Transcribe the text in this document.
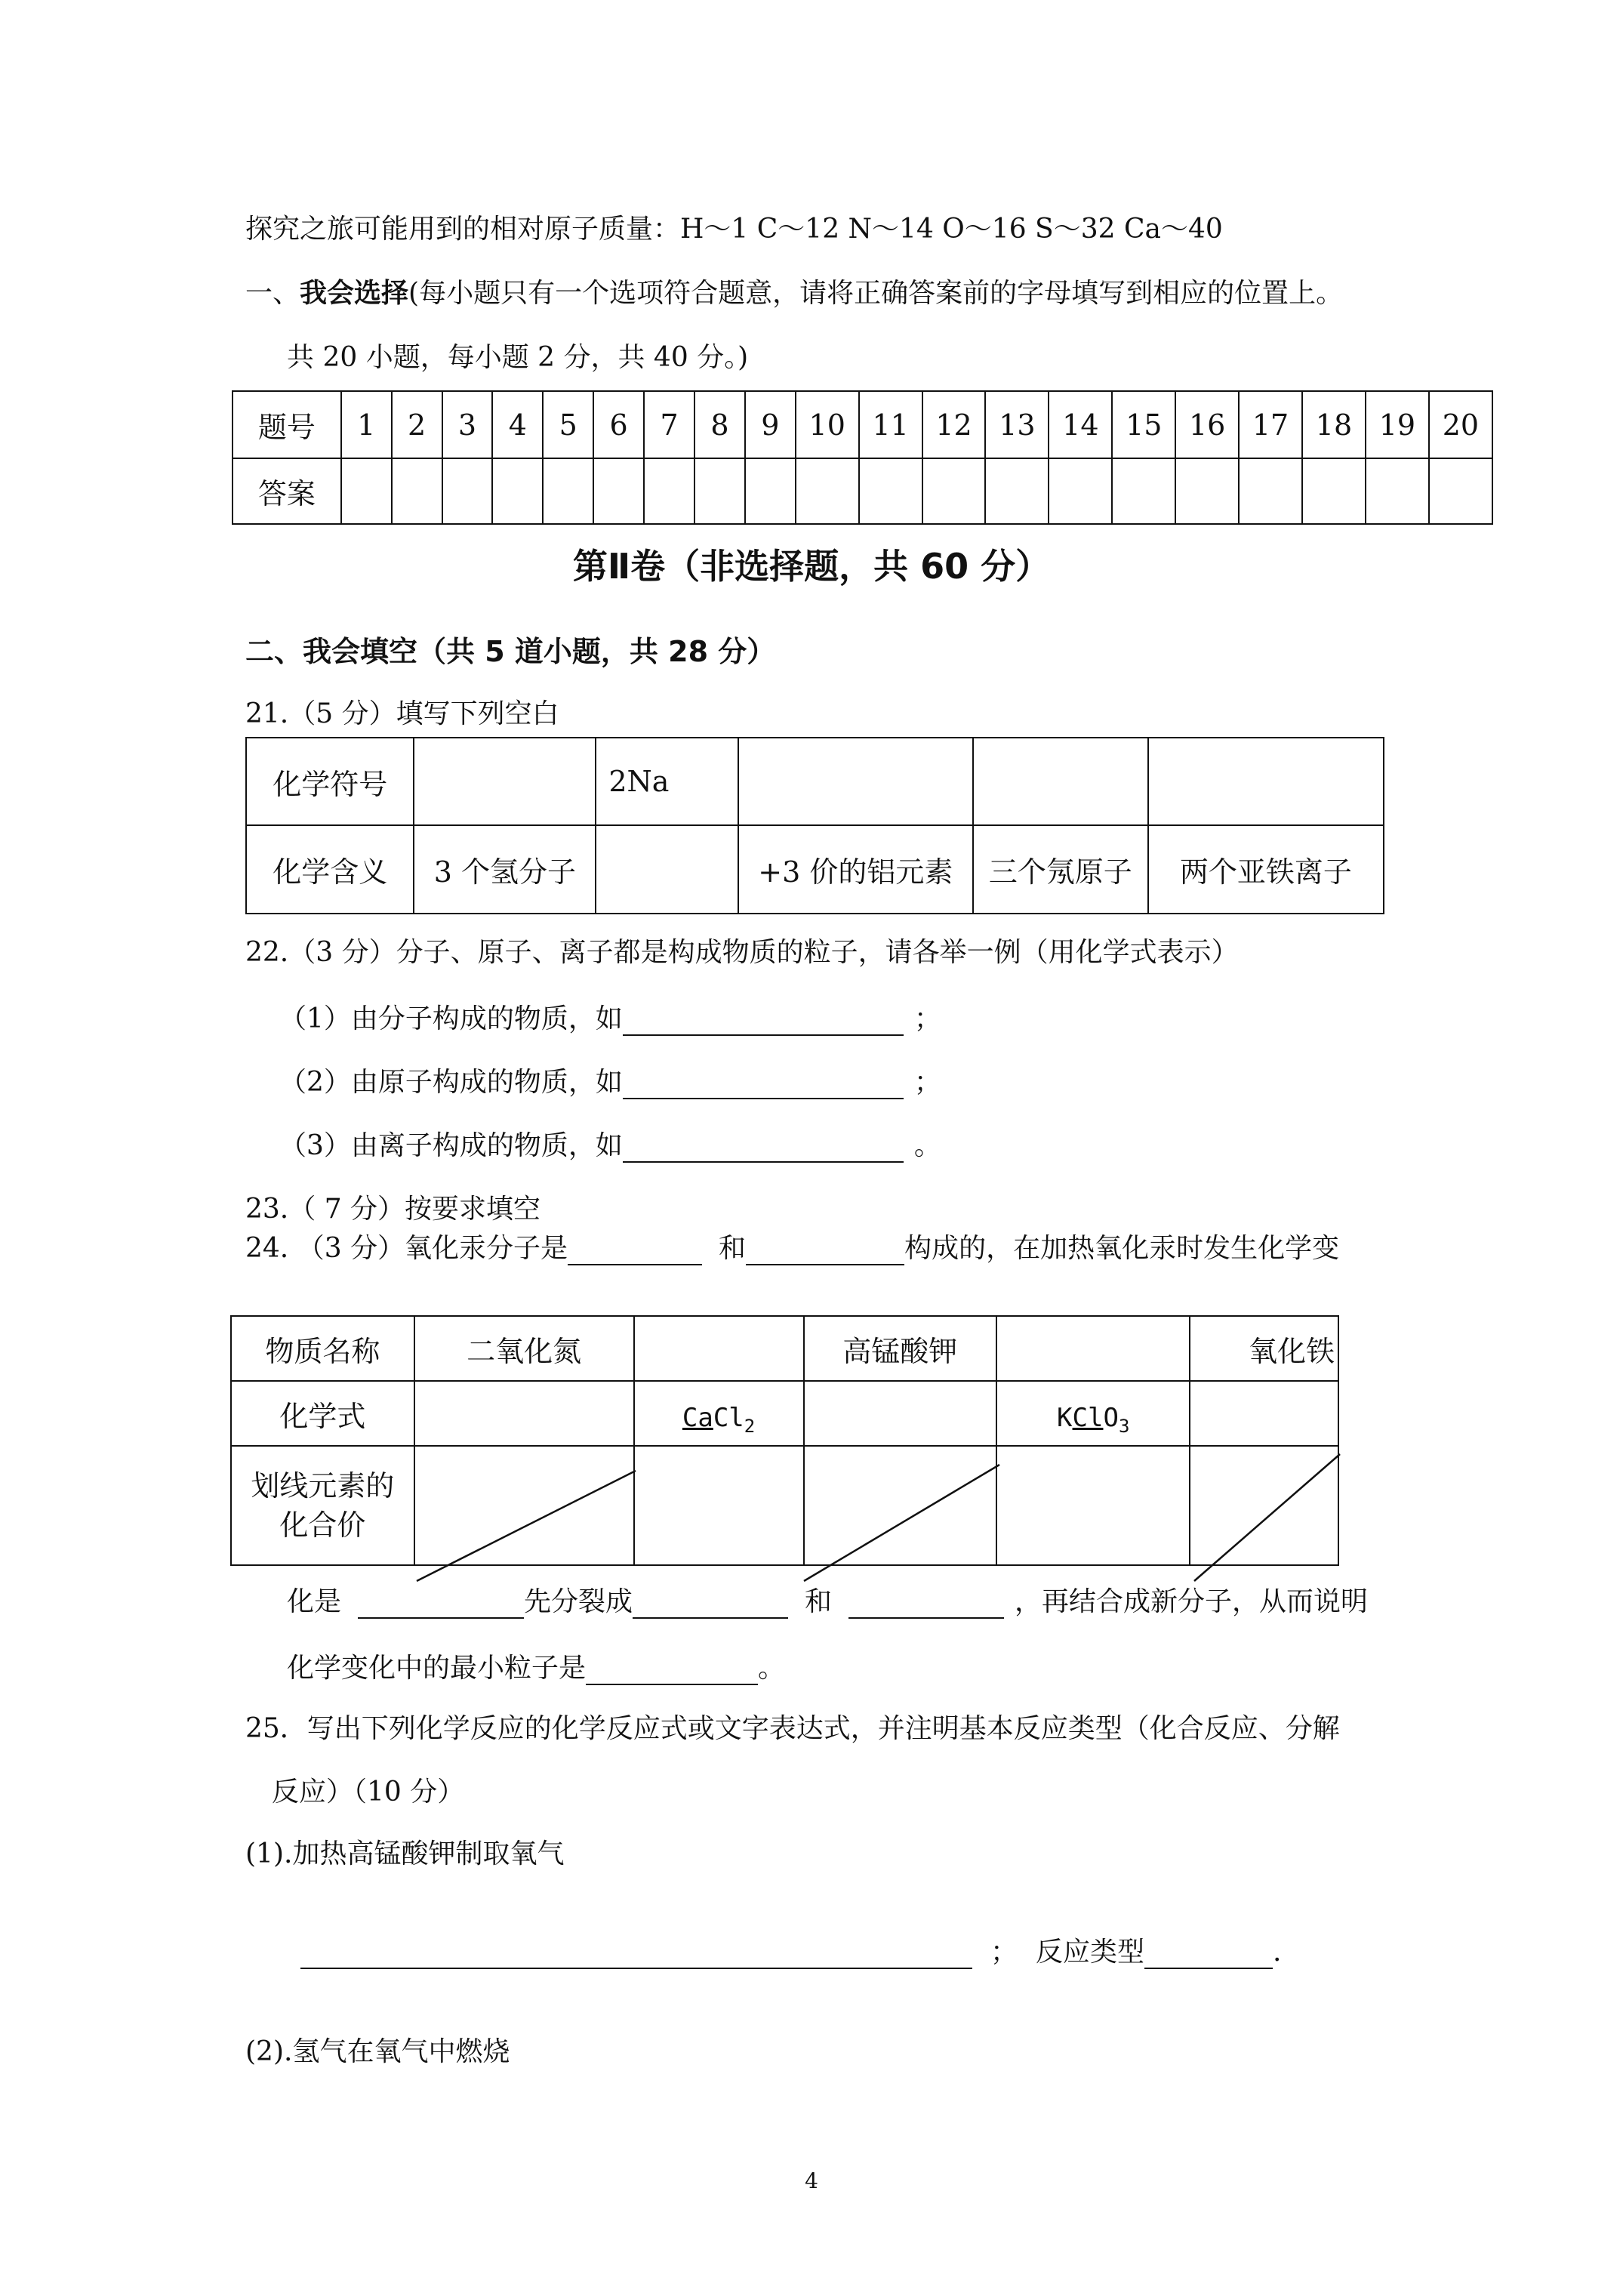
探究之旅可能用到的相对原子质量：H～1 C～12 N～14 O～16 S～32 Ca～40
一、我会选择(每小题只有一个选项符合题意，请将正确答案前的字母填写到相应的位置上。
共 20 小题，每小题 2 分，共 40 分。)
题号	1	2	3	4	5	6	7	8	9	10	11	12	13	14	15	16	17	18	19	20
答案																				
第Ⅱ卷（非选择题，共 60 分）
二、我会填空（共 5 道小题，共 28 分）
21.（5 分）填写下列空白
化学符号		2Na			
化学含义	3 个氢分子		+3 价的铝元素	三个氖原子	两个亚铁离子
22.（3 分）分子、原子、离子都是构成物质的粒子，请各举一例（用化学式表示）
（1）由分子构成的物质，如	；
（2）由原子构成的物质，如	；
（3）由离子构成的物质，如	。
23.（ 7 分）按要求填空
24. （3 分）氧化汞分子是	和	构成的，在加热氧化汞时发生化学变
物质名称	二氧化氮		高锰酸钾		氧化铁
化学式		CaCl$_2$		KClO$_3$	
划线元素的
化合价					
化是	先分裂成	和	，再结合成新分子，从而说明
化学变化中的最小粒子是	。
25．写出下列化学反应的化学反应式或文字表达式，并注明基本反应类型（化合反应、分解
反应）（10 分）
(1).加热高锰酸钾制取氧气
； 反应类型	.
(2).氢气在氧气中燃烧
4
